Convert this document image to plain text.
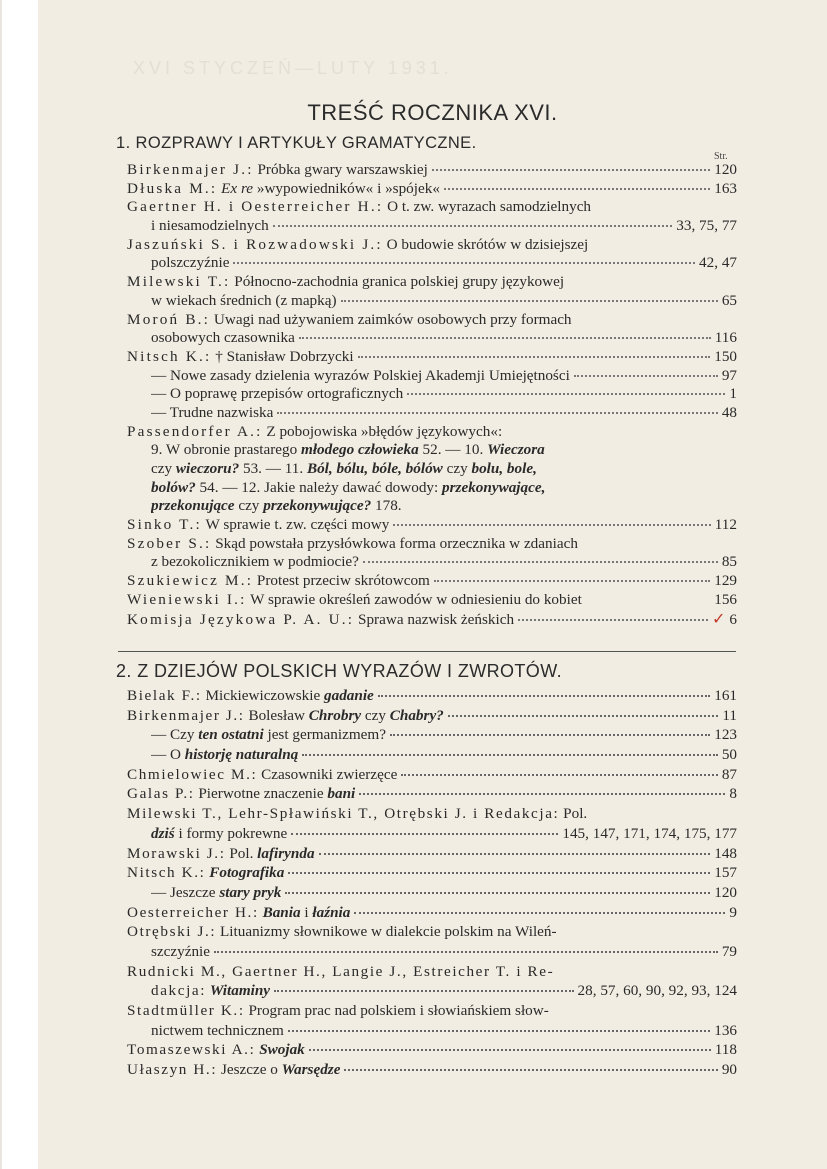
XVI STYCZEŃ—LUTY 1931.
TREŚĆ ROCZNIKA XVI.
1. ROZPRAWY I ARTYKUŁY GRAMATYCZNE.
Str.
Birkenmajer J.: Próbka gwary warszawskiej	120
Dłuska M.: Ex re »wypowiedników« i »spójek«	163
Gaertner H. i Oesterreicher H.: O t. zw. wyrazach samodzielnych
i niesamodzielnych	33, 75, 77
Jaszuński S. i Rozwadowski J.: O budowie skrótów w dzisiejszej
polszczyźnie	42, 47
Milewski T.: Północno-zachodnia granica polskiej grupy językowej
w wiekach średnich (z mapką)	65
Moroń B.: Uwagi nad używaniem zaimków osobowych przy formach
osobowych czasownika	116
Nitsch K.: † Stanisław Dobrzycki	150
— Nowe zasady dzielenia wyrazów Polskiej Akademji Umiejętności	97
— O poprawę przepisów ortograficznych	1
— Trudne nazwiska	48
Passendorfer A.: Z pobojowiska »błędów językowych«:
9. W obronie prastarego młodego człowieka 52. — 10. Wieczora
czy wieczoru? 53. — 11. Ból, bólu, bóle, bólów czy bolu, bole,
bolów? 54. — 12. Jakie należy dawać dowody: przekonywające,
przekonujące czy przekonywujące? 178.
Sinko T.: W sprawie t. zw. części mowy	112
Szober S.: Skąd powstała przysłówkowa forma orzecznika w zdaniach
z bezokolicznikiem w podmiocie?	85
Szukiewicz M.: Protest przeciw skrótowcom	129
Wieniewski I.: W sprawie określeń zawodów w odniesieniu do kobiet	156
Komisja Językowa P. A. U.: Sprawa nazwisk żeńskich	✓ 6
2. Z DZIEJÓW POLSKICH WYRAZÓW I ZWROTÓW.
Bielak F.: Mickiewiczowskie gadanie	161
Birkenmajer J.: Bolesław Chrobry czy Chabry?	11
— Czy ten ostatni jest germanizmem?	123
— O historję naturalną	50
Chmielowiec M.: Czasowniki zwierzęce	87
Galas P.: Pierwotne znaczenie bani	8
Milewski T., Lehr-Spławiński T., Otrębski J. i Redakcja: Pol.
dziś i formy pokrewne	145, 147, 171, 174, 175, 177
Morawski J.: Pol. lafirynda	148
Nitsch K.: Fotografika	157
— Jeszcze stary pryk	120
Oesterreicher H.: Bania i łaźnia	9
Otrębski J.: Lituanizmy słownikowe w dialekcie polskim na Wileń-
szczyźnie	79
Rudnicki M., Gaertner H., Langie J., Estreicher T. i Re-
dakcja: Witaminy	28, 57, 60, 90, 92, 93, 124
Stadtmüller K.: Program prac nad polskiem i słowiańskiem słow-
nictwem technicznem	136
Tomaszewski A.: Swojak	118
Ułaszyn H.: Jeszcze o Warsędze	90
